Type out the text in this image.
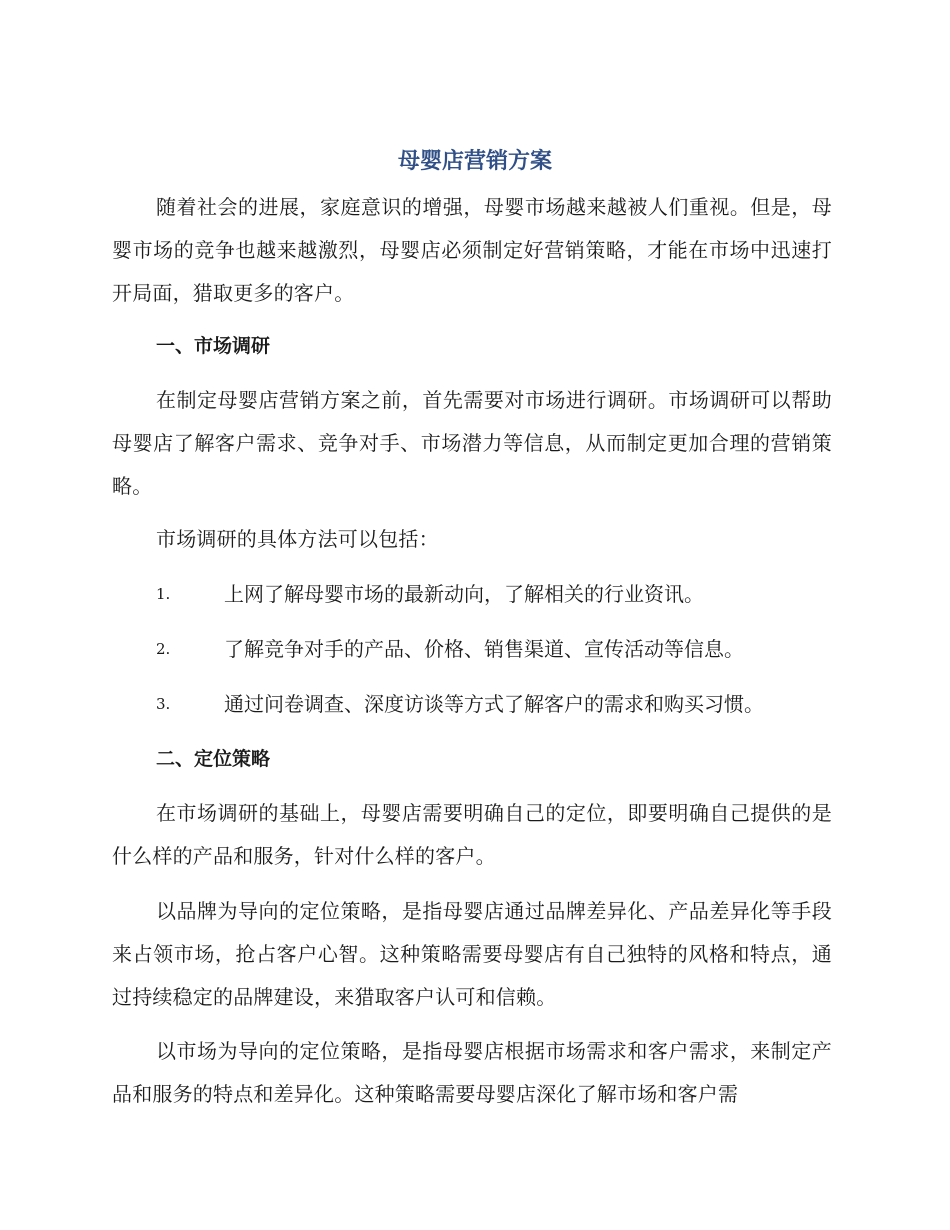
母婴店营销方案

随着社会的进展，家庭意识的增强，母婴市场越来越被人们重视。但是，母婴市场的竞争也越来越激烈，母婴店必须制定好营销策略，才能在市场中迅速打开局面，猎取更多的客户。

一、市场调研

在制定母婴店营销方案之前，首先需要对市场进行调研。市场调研可以帮助母婴店了解客户需求、竞争对手、市场潜力等信息，从而制定更加合理的营销策略。

市场调研的具体方法可以包括：

1.	上网了解母婴市场的最新动向，了解相关的行业资讯。
2.	了解竞争对手的产品、价格、销售渠道、宣传活动等信息。
3.	通过问卷调查、深度访谈等方式了解客户的需求和购买习惯。
二、定位策略

在市场调研的基础上，母婴店需要明确自己的定位，即要明确自己提供的是什么样的产品和服务，针对什么样的客户。

以品牌为导向的定位策略，是指母婴店通过品牌差异化、产品差异化等手段来占领市场，抢占客户心智。这种策略需要母婴店有自己独特的风格和特点，通过持续稳定的品牌建设，来猎取客户认可和信赖。

以市场为导向的定位策略，是指母婴店根据市场需求和客户需求，来制定产品和服务的特点和差异化。这种策略需要母婴店深化了解市场和客户需
